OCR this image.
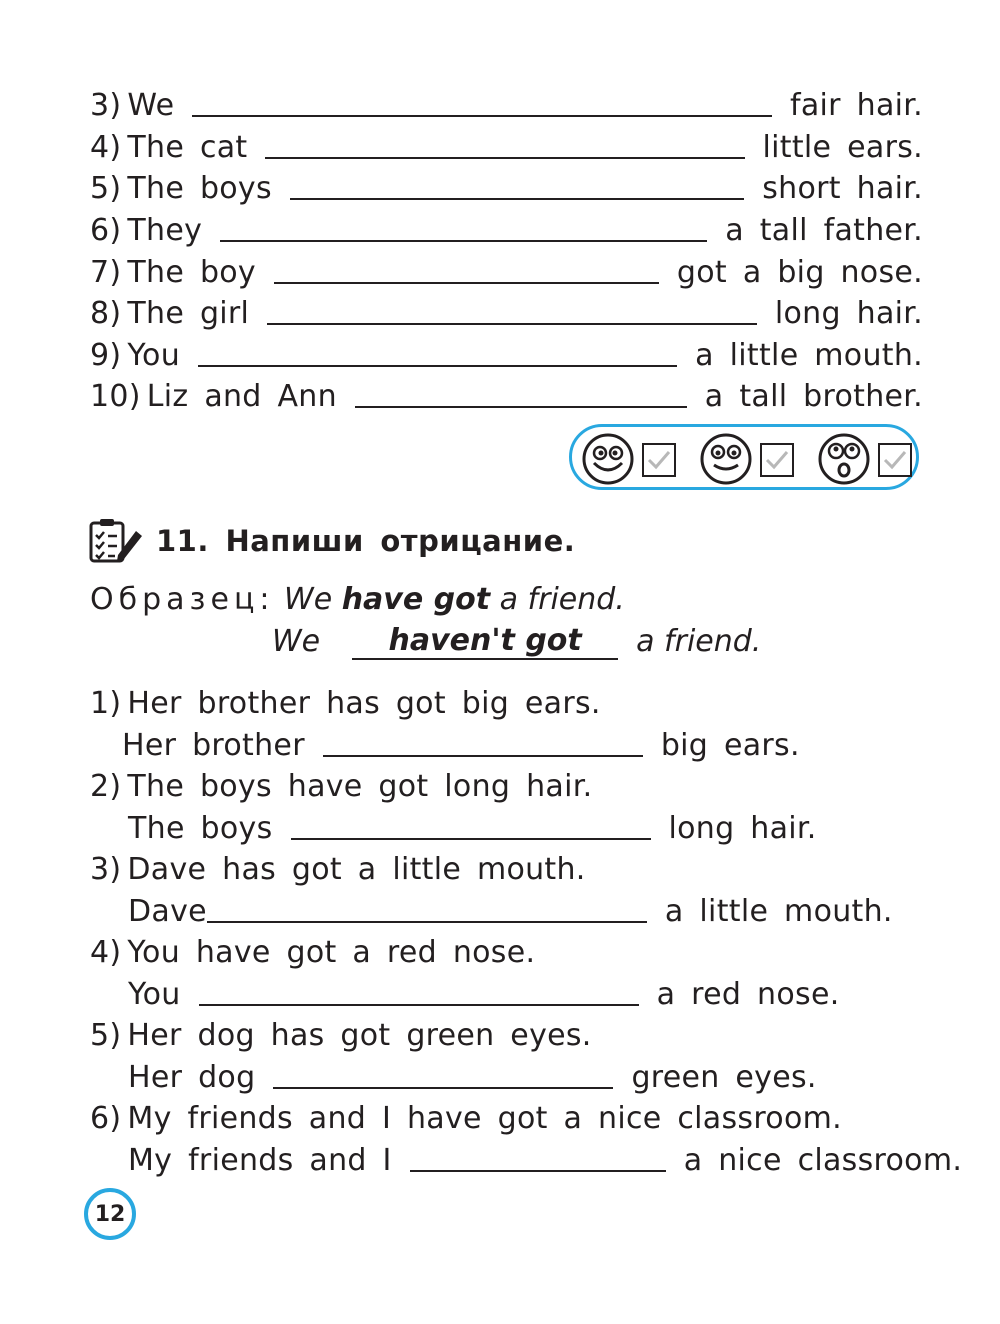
3) We	fair hair.
4) The cat	little ears.
5) The boys	short hair.
6) They	a tall father.
7) The boy	got a big nose.
8) The girl	long hair.
9) You	a little mouth.
10) Liz and Ann	a tall brother.
11. Напиши отрицание.
Образец: We have got a friend.
We	haven't got	a friend.
1) Her brother has got big ears.
Her brother	big ears.
2) The boys have got long hair.
The boys	long hair.
3) Dave has got a little mouth.
Dave	a little mouth.
4) You have got a red nose.
You	a red nose.
5) Her dog has got green eyes.
Her dog	green eyes.
6) My friends and I have got a nice classroom.
My friends and I	a nice classroom.
12
